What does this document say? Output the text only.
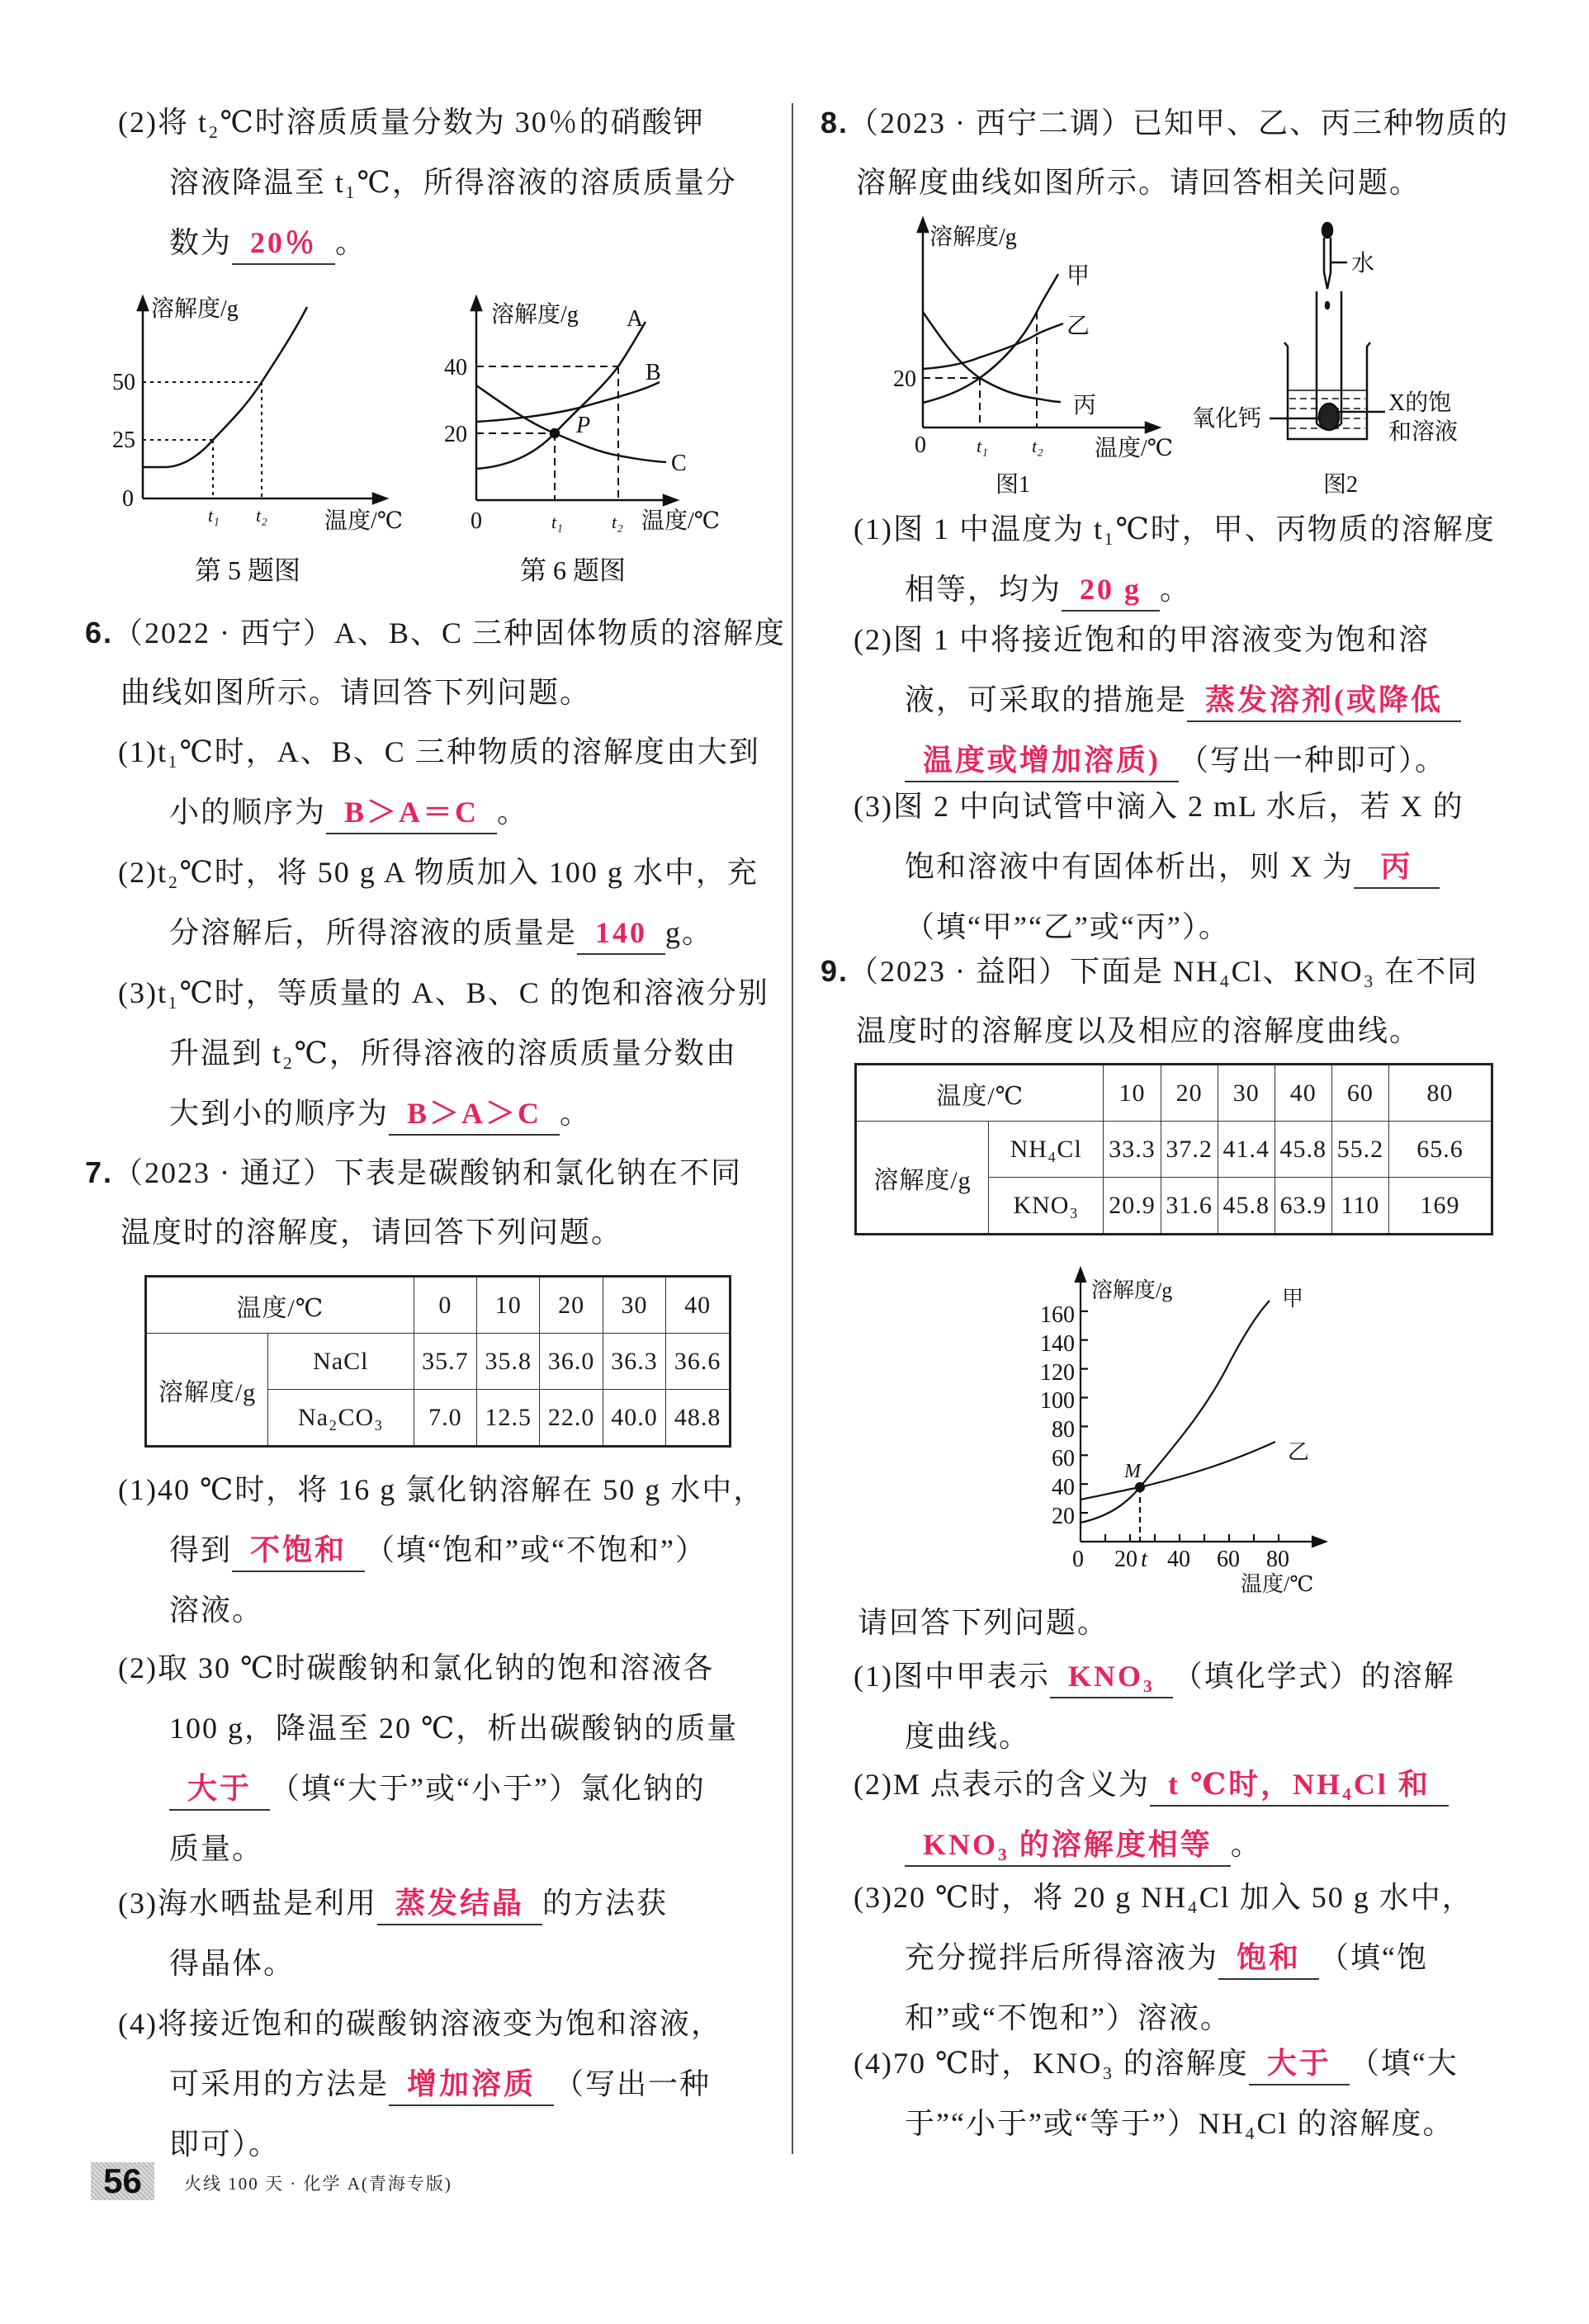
(2)将 t₂℃时溶质质量分数为 30％的硝酸钾
溶液降温至 t₁℃，所得溶液的溶质质量分
数为 20％ 。
溶解度/g
50
25
0
t₁ t₂ 温度/℃
第 5 题图
溶解度/g
40
20
0	t₁	t₂ 温度/℃
A
B
C
P
第 6 题图
6.（2022 · 西宁）A、B、C 三种固体物质的溶解度
曲线如图所示。请回答下列问题。
(1)t₁℃时，A、B、C 三种物质的溶解度由大到
小的顺序为 B＞A＝C 。
(2)t₂℃时，将 50 g A 物质加入 100 g 水中，充
分溶解后，所得溶液的质量是 140 g。
(3)t₁℃时，等质量的 A、B、C 的饱和溶液分别
升温到 t₂℃，所得溶液的溶质质量分数由
大到小的顺序为 B＞A＞C 。
7.（2023 · 通辽）下表是碳酸钠和氯化钠在不同
温度时的溶解度，请回答下列问题。
温度/℃		0	10	20	30	40
溶解度/g	NaCl	35.7	35.8	36.0	36.3	36.6
	Na₂CO₃	7.0	12.5	22.0	40.0	48.8
(1)40 ℃时，将 16 g 氯化钠溶解在 50 g 水中，
得到 不饱和 （填“饱和”或“不饱和”）
溶液。
(2)取 30 ℃时碳酸钠和氯化钠的饱和溶液各
100 g，降温至 20 ℃，析出碳酸钠的质量
大于 （填“大于”或“小于”）氯化钠的
质量。
(3)海水晒盐是利用 蒸发结晶 的方法获
得晶体。
(4)将接近饱和的碳酸钠溶液变为饱和溶液，
可采用的方法是 增加溶质 （写出一种
即可）。
8.（2023 · 西宁二调）已知甲、乙、丙三种物质的
溶解度曲线如图所示。请回答相关问题。
溶解度/g
20
0	t₁ t₂ 温度/℃
甲
乙
丙
图1
水
氧化钙
X的饱
和溶液
图2
(1)图 1 中温度为 t₁℃时，甲、丙物质的溶解度
相等，均为 20 g 。
(2)图 1 中将接近饱和的甲溶液变为饱和溶
液，可采取的措施是 蒸发溶剂(或降低
温度或增加溶质) （写出一种即可）。
(3)图 2 中向试管中滴入 2 mL 水后，若 X 的
饱和溶液中有固体析出，则 X 为 丙
（填“甲”“乙”或“丙”）。
9.（2023 · 益阳）下面是 NH₄Cl、KNO₃ 在不同
温度时的溶解度以及相应的溶解度曲线。
温度/℃		10	20	30	40	60	80
溶解度/g	NH₄Cl	33.3	37.2	41.4	45.8	55.2	65.6
	KNO₃	20.9	31.6	45.8	63.9	110	169
溶解度/g
20
40
60
80
100
120
140
160
0 20 t 40 60 80
温度/℃
甲
乙
M
请回答下列问题。
(1)图中甲表示 KNO₃ （填化学式）的溶解
度曲线。
(2)M 点表示的含义为 t ℃时，NH₄Cl 和
KNO₃ 的溶解度相等 。
(3)20 ℃时，将 20 g NH₄Cl 加入 50 g 水中，
充分搅拌后所得溶液为 饱和 （填“饱
和”或“不饱和”）溶液。
(4)70 ℃时，KNO₃ 的溶解度 大于 （填“大
于”“小于”或“等于”）NH₄Cl 的溶解度。
56	火线 100 天 · 化学 A(青海专版)
